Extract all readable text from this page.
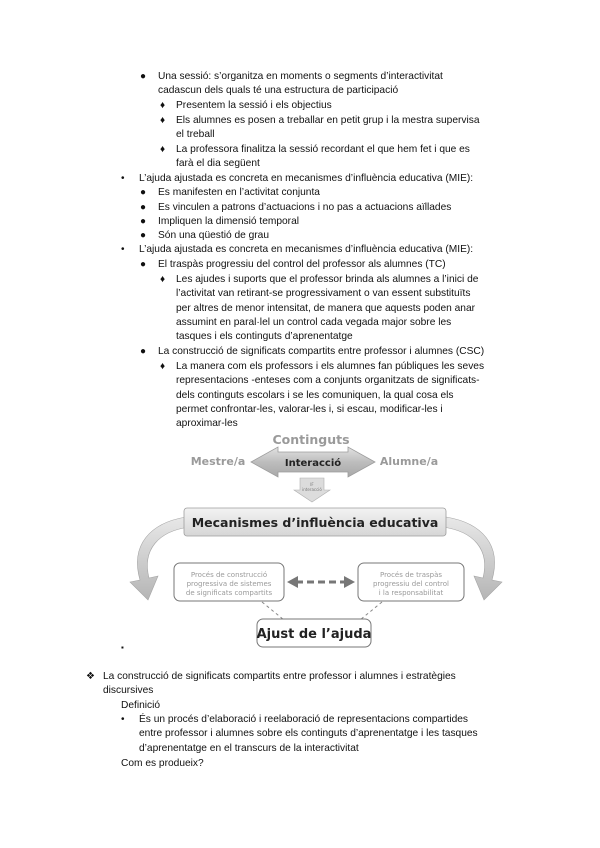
● Una sessió: s’organitza en moments o segments d’interactivitat
cadascun dels quals té una estructura de participació
♦ Presentem la sessió i els objectius
♦ Els alumnes es posen a treballar en petit grup i la mestra supervisa
el treball
♦ La professora finalitza la sessió recordant el que hem fet i que es
farà el dia següent
• L’ajuda ajustada es concreta en mecanismes d’influència educativa (MIE):
● Es manifesten en l’activitat conjunta
● Es vinculen a patrons d’actuacions i no pas a actuacions aïllades
● Impliquen la dimensió temporal
● Són una qüestió de grau
• L’ajuda ajustada es concreta en mecanismes d’influència educativa (MIE):
● El traspàs progressiu del control del professor als alumnes (TC)
♦ Les ajudes i suports que el professor brinda als alumnes a l’inici de
l’activitat van retirant-se progressivament o van essent substituïts
per altres de menor intensitat, de manera que aquests poden anar
assumint en paral·lel un control cada vegada major sobre les
tasques i els continguts d’aprenentatge
● La construcció de significats compartits entre professor i alumnes (CSC)
♦ La manera com els professors i els alumnes fan públiques les seves
representacions -enteses com a conjunts organitzats de significats-
dels continguts escolars i se les comuniquen, la qual cosa els
permet confrontar-les, valorar-les i, si escau, modificar-les i
aproximar-les
Continguts
Interacció
Mestre/a	Alumne/a
IF
interacció
Mecanismes d’influència educativa
Procés de construcció
progressiva de sistemes
de significats compartits
Procés de traspàs
progressiu del control
i la responsabilitat
Ajust de l’ajuda
▪
❖ La construcció de significats compartits entre professor i alumnes i estratègies
discursives
Definició
• És un procés d’elaboració i reelaboració de representacions compartides
entre professor i alumnes sobre els continguts d’aprenentatge i les tasques
d’aprenentatge en el transcurs de la interactivitat
Com es produeix?
